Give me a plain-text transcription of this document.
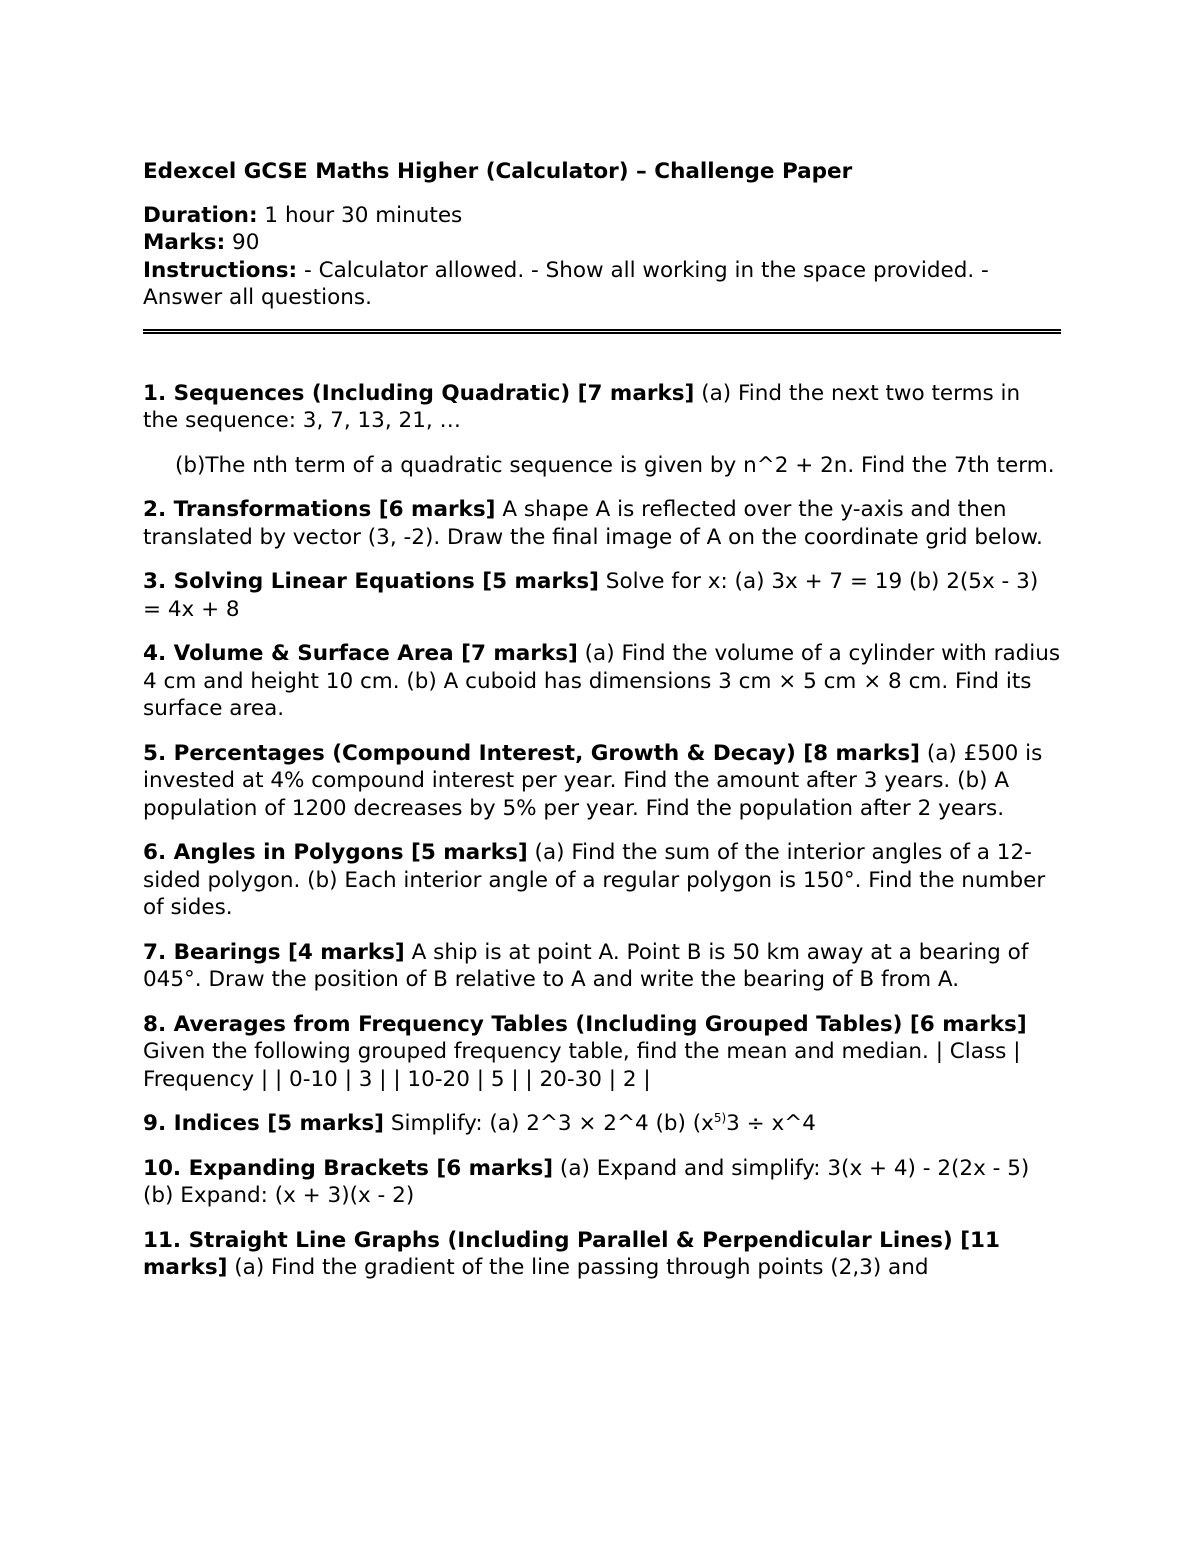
Edexcel GCSE Maths Higher (Calculator) – Challenge Paper
Duration: 1 hour 30 minutes
Marks: 90
Instructions: - Calculator allowed. - Show all working in the space provided. - Answer all questions.

1. Sequences (Including Quadratic) [7 marks] (a) Find the next two terms in the sequence: 3, 7, 13, 21, …

(b)The nth term of a quadratic sequence is given by n^2 + 2n. Find the 7th term.

2. Transformations [6 marks] A shape A is reflected over the y-axis and then translated by vector (3, -2). Draw the final image of A on the coordinate grid below.

3. Solving Linear Equations [5 marks] Solve for x: (a) 3x + 7 = 19 (b) 2(5x - 3) = 4x + 8

4. Volume & Surface Area [7 marks] (a) Find the volume of a cylinder with radius 4 cm and height 10 cm. (b) A cuboid has dimensions 3 cm × 5 cm × 8 cm. Find its surface area.

5. Percentages (Compound Interest, Growth & Decay) [8 marks] (a) £500 is invested at 4% compound interest per year. Find the amount after 3 years. (b) A population of 1200 decreases by 5% per year. Find the population after 2 years.

6. Angles in Polygons [5 marks] (a) Find the sum of the interior angles of a 12-sided polygon. (b) Each interior angle of a regular polygon is 150°. Find the number of sides.

7. Bearings [4 marks] A ship is at point A. Point B is 50 km away at a bearing of 045°. Draw the position of B relative to A and write the bearing of B from A.

8. Averages from Frequency Tables (Including Grouped Tables) [6 marks] Given the following grouped frequency table, find the mean and median. | Class | Frequency | | 0-10 | 3 | | 10-20 | 5 | | 20-30 | 2 |

9. Indices [5 marks] Simplify: (a) 2^3 × 2^4 (b) ($x^{5)}3$ ÷ x^4

10. Expanding Brackets [6 marks] (a) Expand and simplify: 3(x + 4) - 2(2x - 5) (b) Expand: (x + 3)(x - 2)

11. Straight Line Graphs (Including Parallel & Perpendicular Lines) [11 marks] (a) Find the gradient of the line passing through points (2,3) and
